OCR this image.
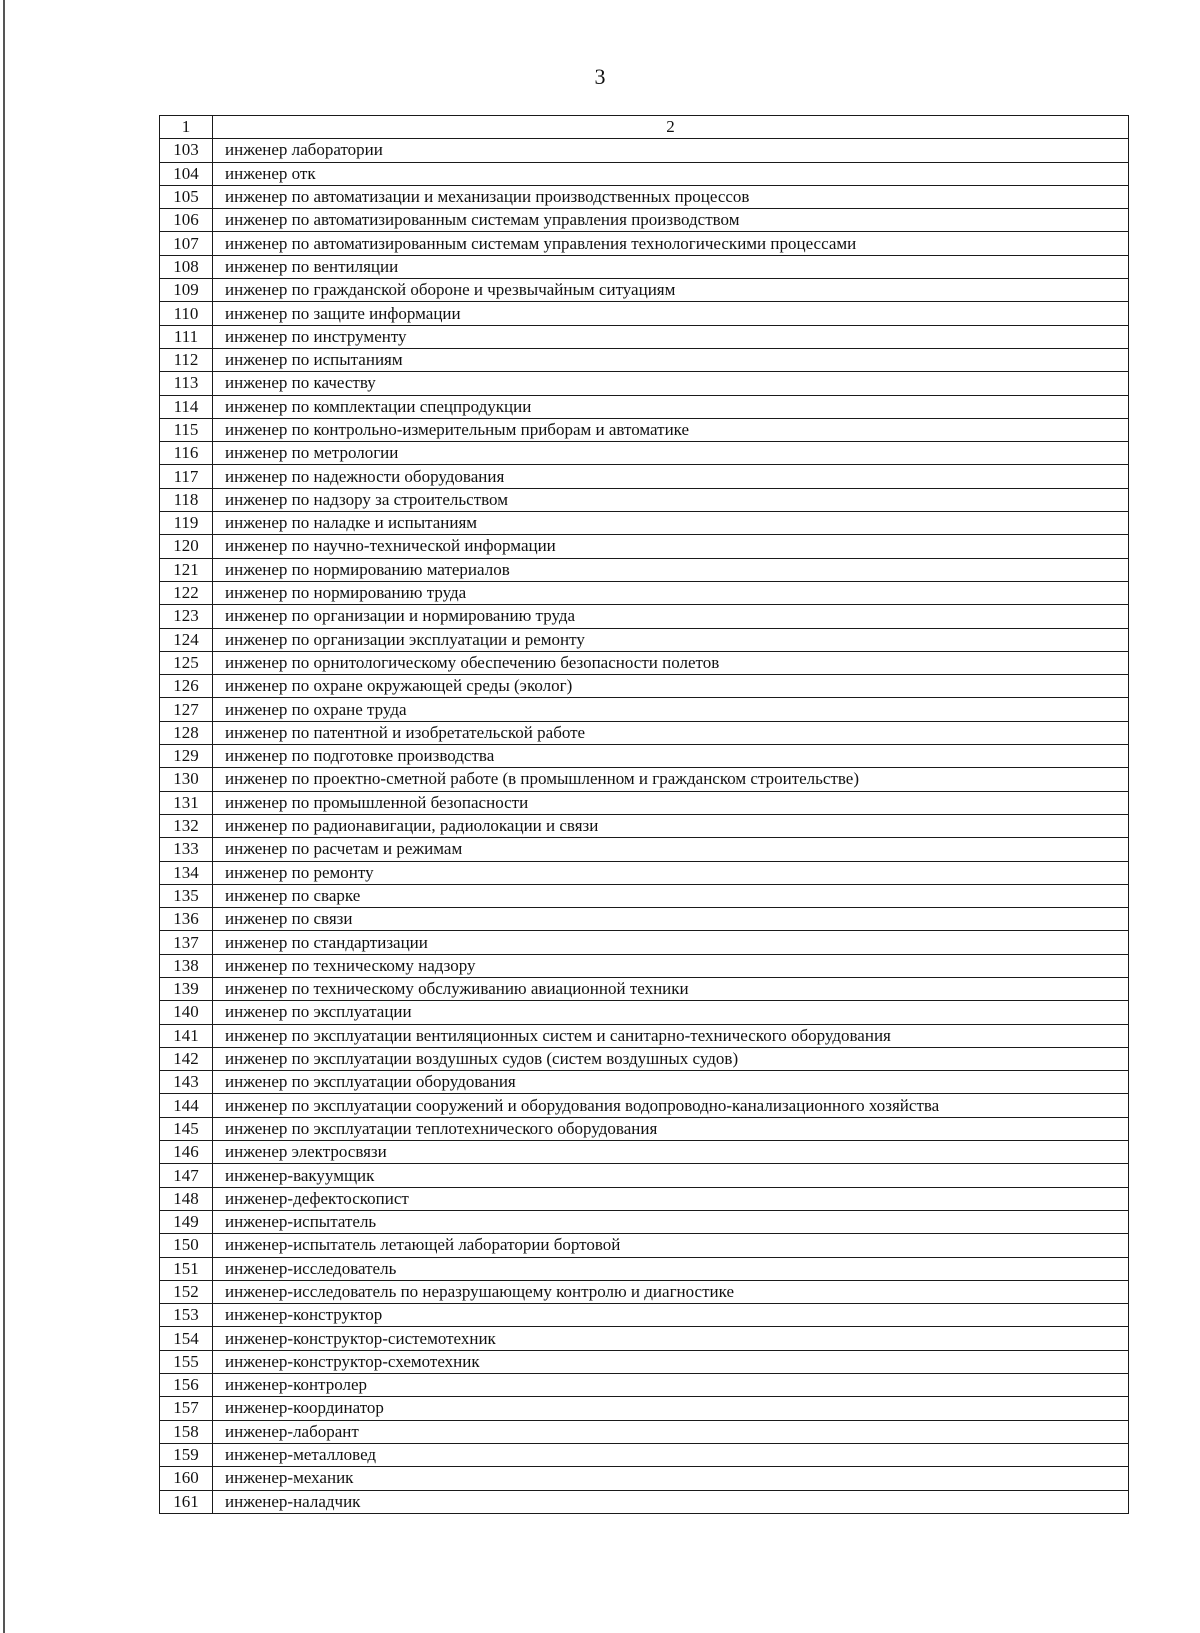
3
1	2
103	инженер лаборатории
104	инженер отк
105	инженер по автоматизации и механизации производственных процессов
106	инженер по автоматизированным системам управления производством
107	инженер по автоматизированным системам управления технологическими процессами
108	инженер по вентиляции
109	инженер по гражданской обороне и чрезвычайным ситуациям
110	инженер по защите информации
111	инженер по инструменту
112	инженер по испытаниям
113	инженер по качеству
114	инженер по комплектации спецпродукции
115	инженер по контрольно-измерительным приборам и автоматике
116	инженер по метрологии
117	инженер по надежности оборудования
118	инженер по надзору за строительством
119	инженер по наладке и испытаниям
120	инженер по научно-технической информации
121	инженер по нормированию материалов
122	инженер по нормированию труда
123	инженер по организации и нормированию труда
124	инженер по организации эксплуатации и ремонту
125	инженер по орнитологическому обеспечению безопасности полетов
126	инженер по охране окружающей среды (эколог)
127	инженер по охране труда
128	инженер по патентной и изобретательской работе
129	инженер по подготовке производства
130	инженер по проектно-сметной работе (в промышленном и гражданском строительстве)
131	инженер по промышленной безопасности
132	инженер по радионавигации, радиолокации и связи
133	инженер по расчетам и режимам
134	инженер по ремонту
135	инженер по сварке
136	инженер по связи
137	инженер по стандартизации
138	инженер по техническому надзору
139	инженер по техническому обслуживанию авиационной техники
140	инженер по эксплуатации
141	инженер по эксплуатации вентиляционных систем и санитарно-технического оборудования
142	инженер по эксплуатации воздушных судов (систем воздушных судов)
143	инженер по эксплуатации оборудования
144	инженер по эксплуатации сооружений и оборудования водопроводно-канализационного хозяйства
145	инженер по эксплуатации теплотехнического оборудования
146	инженер электросвязи
147	инженер-вакуумщик
148	инженер-дефектоскопист
149	инженер-испытатель
150	инженер-испытатель летающей лаборатории бортовой
151	инженер-исследователь
152	инженер-исследователь по неразрушающему контролю и диагностике
153	инженер-конструктор
154	инженер-конструктор-системотехник
155	инженер-конструктор-схемотехник
156	инженер-контролер
157	инженер-координатор
158	инженер-лаборант
159	инженер-металловед
160	инженер-механик
161	инженер-наладчик
